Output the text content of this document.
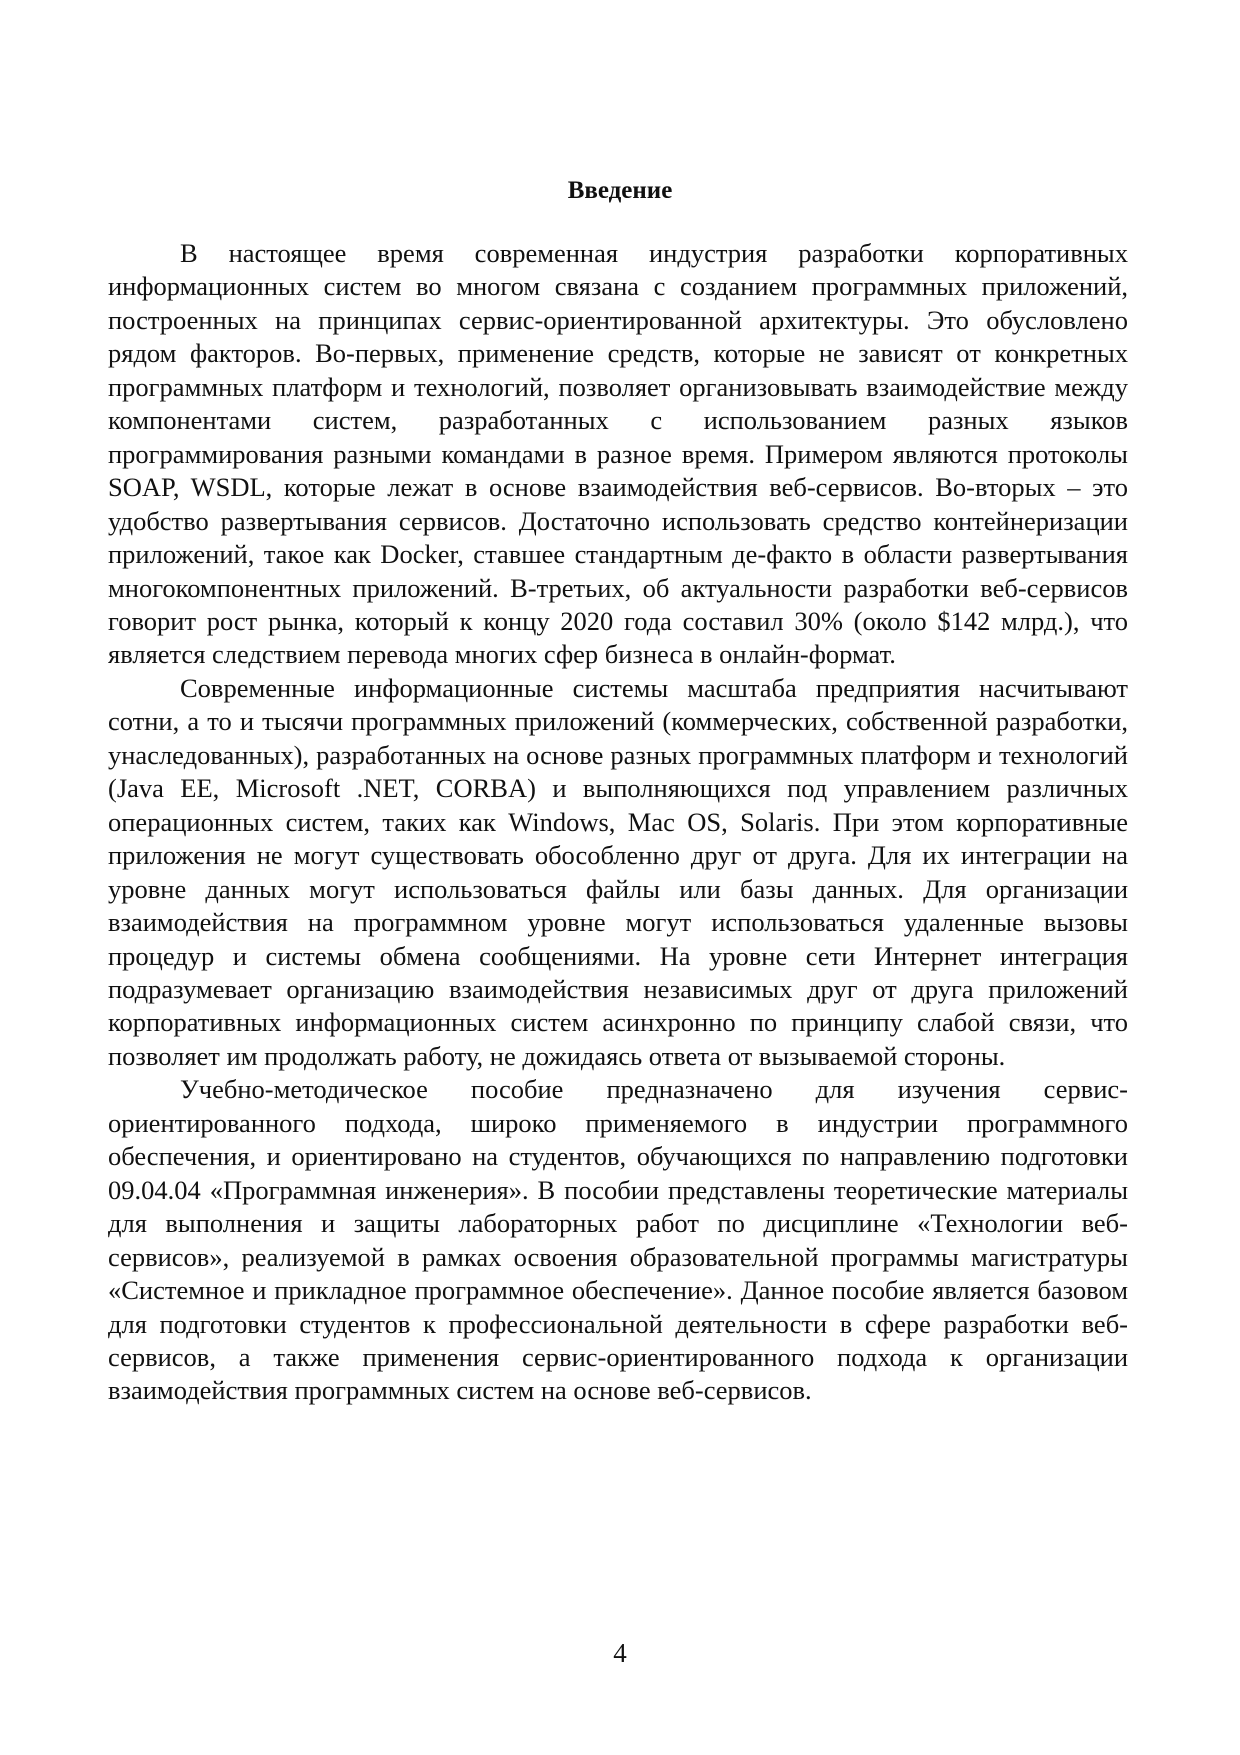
Введение

В настоящее время современная индустрия разработки корпоративных информационных систем во многом связана с созданием программных приложений, построенных на принципах сервис-ориентированной архитектуры. Это обусловлено рядом факторов. Во-первых, применение средств, которые не зависят от конкретных программных платформ и технологий, позволяет организовывать взаимодействие между компонентами систем, разработанных с использованием разных языков программирования разными командами в разное время. Примером являются протоколы SOAP, WSDL, которые лежат в основе взаимодействия веб-сервисов. Во-вторых – это удобство развертывания сервисов. Достаточно использовать средство контейнеризации приложений, такое как Docker, ставшее стандартным де-факто в области развертывания многокомпонентных приложений. В-третьих, об актуальности разработки веб-сервисов говорит рост рынка, который к концу 2020 года составил 30% (около $142 млрд.), что является следствием перевода многих сфер бизнеса в онлайн-формат.

Современные информационные системы масштаба предприятия насчитывают сотни, а то и тысячи программных приложений (коммерческих, собственной разработки, унаследованных), разработанных на основе разных программных платформ и технологий (Java EE, Microsoft .NET, CORBA) и выполняющихся под управлением различных операционных систем, таких как Windows, Mac OS, Solaris. При этом корпоративные приложения не могут существовать обособленно друг от друга. Для их интеграции на уровне данных могут использоваться файлы или базы данных. Для организации взаимодействия на программном уровне могут использоваться удаленные вызовы процедур и системы обмена сообщениями. На уровне сети Интернет интеграция подразумевает организацию взаимодействия независимых друг от друга приложений корпоративных информационных систем асинхронно по принципу слабой связи, что позволяет им продолжать работу, не дожидаясь ответа от вызываемой стороны.

Учебно-методическое пособие предназначено для изучения сервис-ориентированного подхода, широко применяемого в индустрии программного обеспечения, и ориентировано на студентов, обучающихся по направлению подготовки 09.04.04 «Программная инженерия». В пособии представлены теоретические материалы для выполнения и защиты лабораторных работ по дисциплине «Технологии веб-сервисов», реализуемой в рамках освоения образовательной программы магистратуры «Системное и прикладное программное обеспечение». Данное пособие является базовом для подготовки студентов к профессиональной деятельности в сфере разработки веб-сервисов, а также применения сервис-ориентированного подхода к организации взаимодействия программных систем на основе веб-сервисов.

4
